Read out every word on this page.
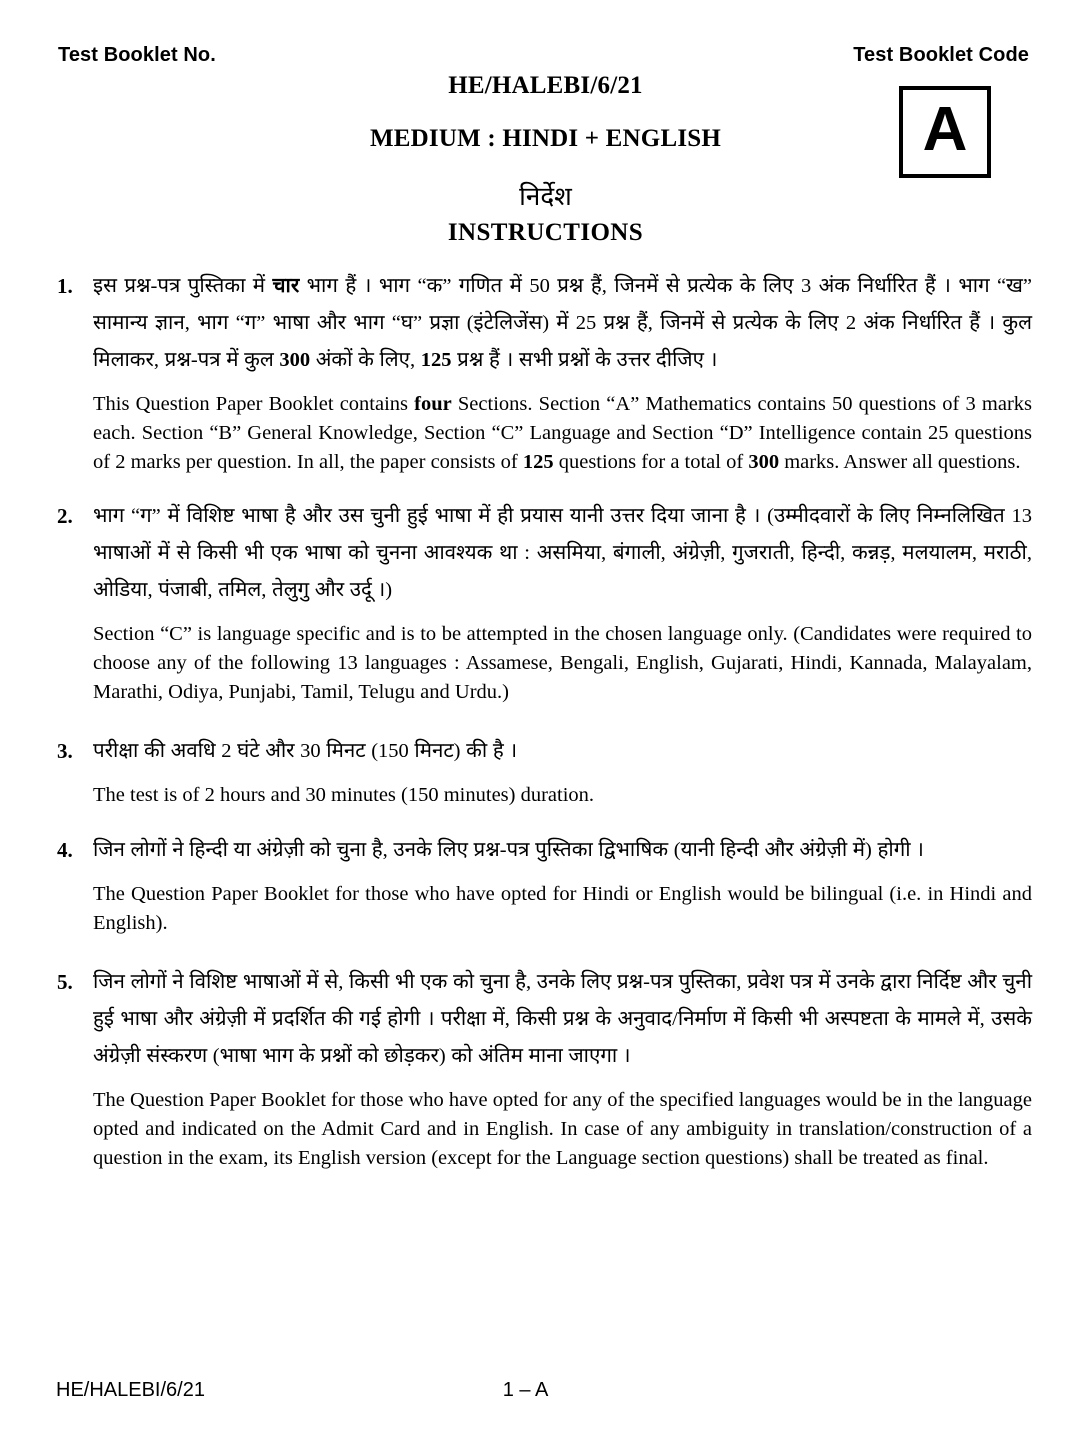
Test Booklet No.	Test Booklet Code
A
HE/HALEBI/6/21
MEDIUM : HINDI + ENGLISH
निर्देश
INSTRUCTIONS
1. इस प्रश्न-पत्र पुस्तिका में चार भाग हैं । भाग “क” गणित में 50 प्रश्न हैं, जिनमें से प्रत्येक के लिए 3 अंक निर्धारित हैं । भाग “ख” सामान्य ज्ञान, भाग “ग” भाषा और भाग “घ” प्रज्ञा (इंटेलिजेंस) में 25 प्रश्न हैं, जिनमें से प्रत्येक के लिए 2 अंक निर्धारित हैं । कुल मिलाकर, प्रश्न-पत्र में कुल 300 अंकों के लिए, 125 प्रश्न हैं । सभी प्रश्नों के उत्तर दीजिए ।
This Question Paper Booklet contains four Sections. Section “A” Mathematics contains 50 questions of 3 marks each. Section “B” General Knowledge, Section “C” Language and Section “D” Intelligence contain 25 questions of 2 marks per question. In all, the paper consists of 125 questions for a total of 300 marks. Answer all questions.
2. भाग “ग” में विशिष्ट भाषा है और उस चुनी हुई भाषा में ही प्रयास यानी उत्तर दिया जाना है । (उम्मीदवारों के लिए निम्नलिखित 13 भाषाओं में से किसी भी एक भाषा को चुनना आवश्यक था : असमिया, बंगाली, अंग्रेज़ी, गुजराती, हिन्दी, कन्नड़, मलयालम, मराठी, ओडिया, पंजाबी, तमिल, तेलुगु और उर्दू ।)
Section “C” is language specific and is to be attempted in the chosen language only. (Candidates were required to choose any of the following 13 languages : Assamese, Bengali, English, Gujarati, Hindi, Kannada, Malayalam, Marathi, Odiya, Punjabi, Tamil, Telugu and Urdu.)
3. परीक्षा की अवधि 2 घंटे और 30 मिनट (150 मिनट) की है ।
The test is of 2 hours and 30 minutes (150 minutes) duration.
4. जिन लोगों ने हिन्दी या अंग्रेज़ी को चुना है, उनके लिए प्रश्न-पत्र पुस्तिका द्विभाषिक (यानी हिन्दी और अंग्रेज़ी में) होगी ।
The Question Paper Booklet for those who have opted for Hindi or English would be bilingual (i.e. in Hindi and English).
5. जिन लोगों ने विशिष्ट भाषाओं में से, किसी भी एक को चुना है, उनके लिए प्रश्न-पत्र पुस्तिका, प्रवेश पत्र में उनके द्वारा निर्दिष्ट और चुनी हुई भाषा और अंग्रेज़ी में प्रदर्शित की गई होगी । परीक्षा में, किसी प्रश्न के अनुवाद/निर्माण में किसी भी अस्पष्टता के मामले में, उसके अंग्रेज़ी संस्करण (भाषा भाग के प्रश्नों को छोड़कर) को अंतिम माना जाएगा ।
The Question Paper Booklet for those who have opted for any of the specified languages would be in the language opted and indicated on the Admit Card and in English. In case of any ambiguity in translation/construction of a question in the exam, its English version (except for the Language section questions) shall be treated as final.
HE/HALEBI/6/21	1 – A
